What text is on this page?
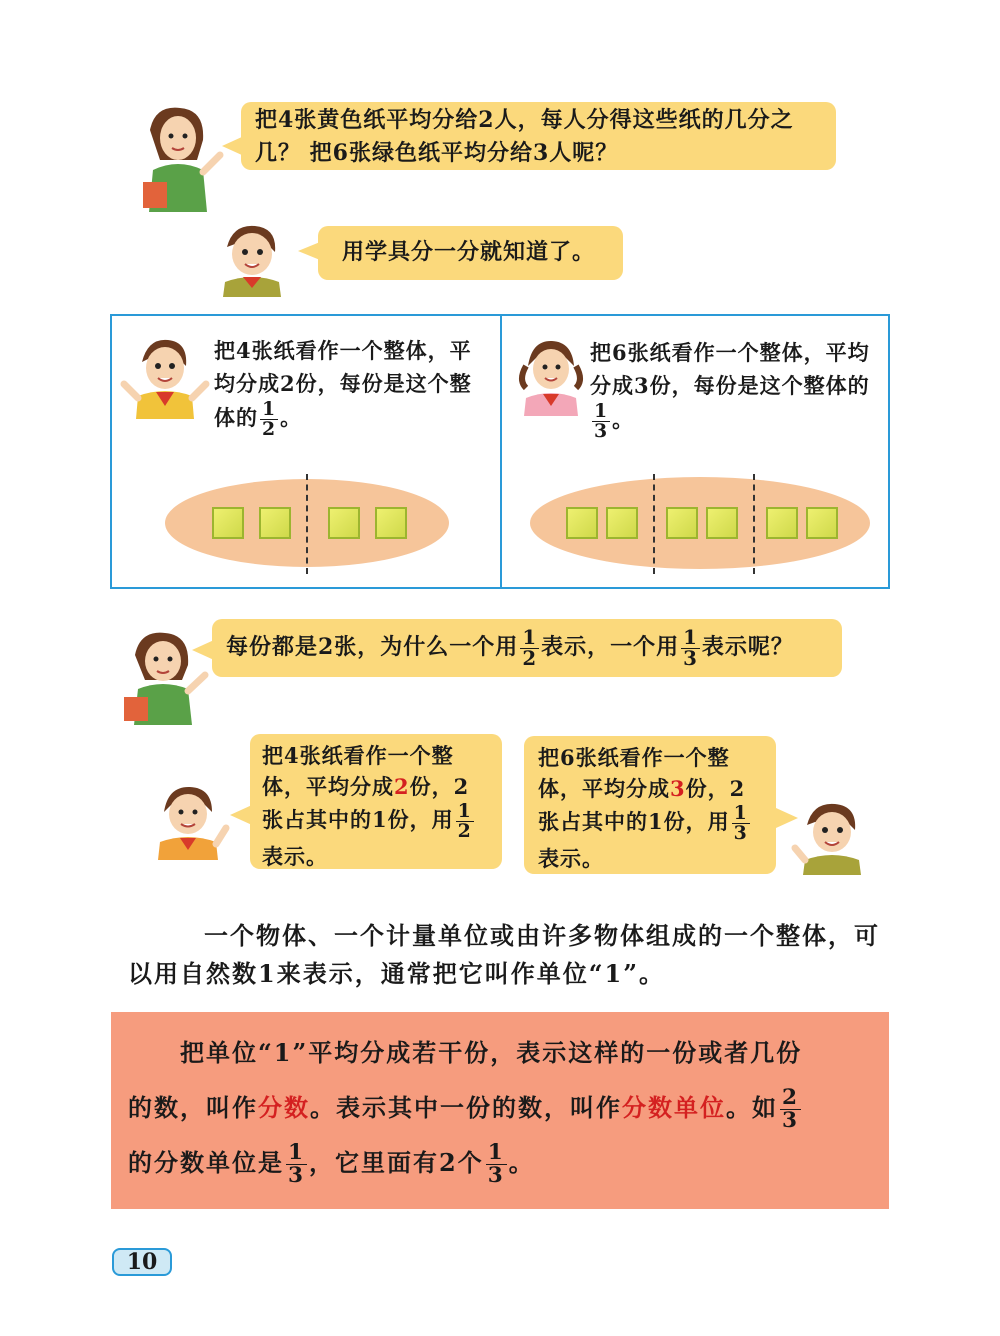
把4张黄色纸平均分给2人，每人分得这些纸的几分之几？ 把6张绿色纸平均分给3人呢？
用学具分一分就知道了。
把4张纸看作一个整体，平均分成2份，每份是这个整体的 $\frac{1}{2}$ 。
把6张纸看作一个整体，平均分成3份，每份是这个整体的
$\frac{1}{3}$ 。
每份都是2张，为什么一个用 $\frac{1}{2}$ 表示，一个用 $\frac{1}{3}$ 表示呢？
把4张纸看作一个整体，平均分成2份，2张占其中的1份，用 $\frac{1}{2}$
表示。
把6张纸看作一个整体，平均分成3份，2张占其中的1份，用 $\frac{1}{3}$
表示。
一个物体、一个计量单位或由许多物体组成的一个整体，可以用自然数1来表示，通常把它叫作单位“1”。
把单位“1”平均分成若干份，表示这样的一份或者几份
的数，叫作分数。表示其中一份的数，叫作分数单位。如 $\frac{2}{3}$
的分数单位是 $\frac{1}{3}$ ，它里面有2个 $\frac{1}{3}$ 。
10
